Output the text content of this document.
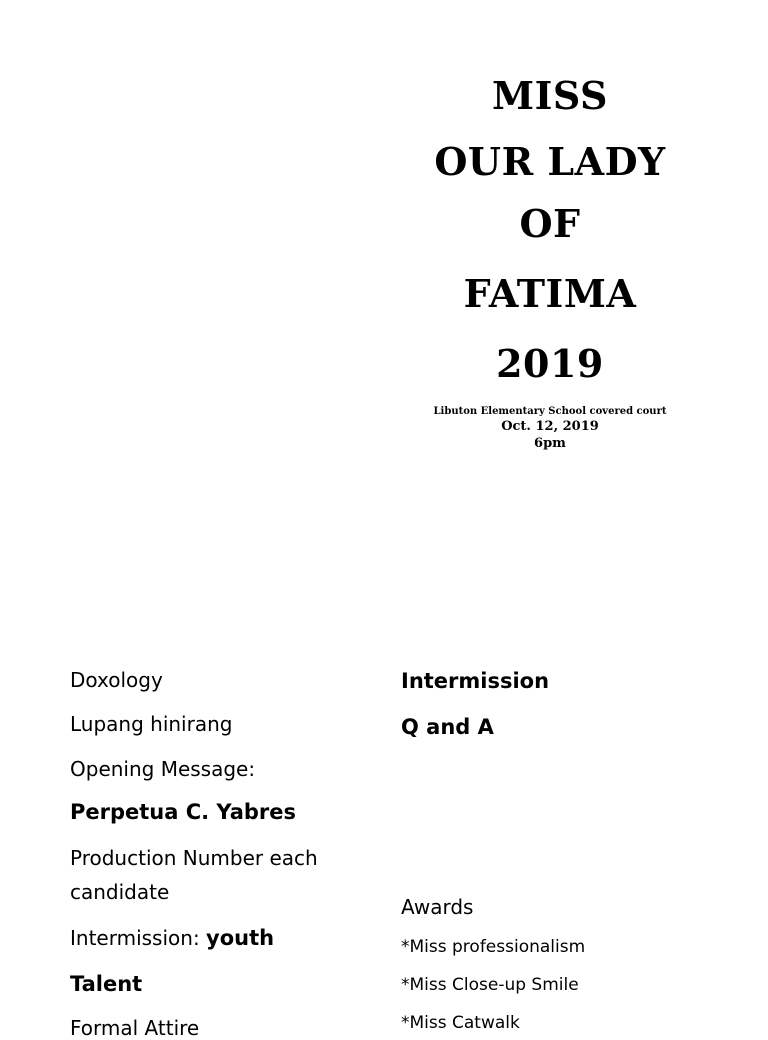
MISS

OUR LADY

OF

FATIMA

2019

Libuton Elementary School covered court
Oct. 12, 2019
6pm
Doxology
Lupang hinirang
Opening Message:
Perpetua C. Yabres
Production Number each candidate
Intermission: youth
Talent
Formal Attire
Intermission
Q and A
Awards
*Miss professionalism
*Miss Close-up Smile
*Miss Catwalk
